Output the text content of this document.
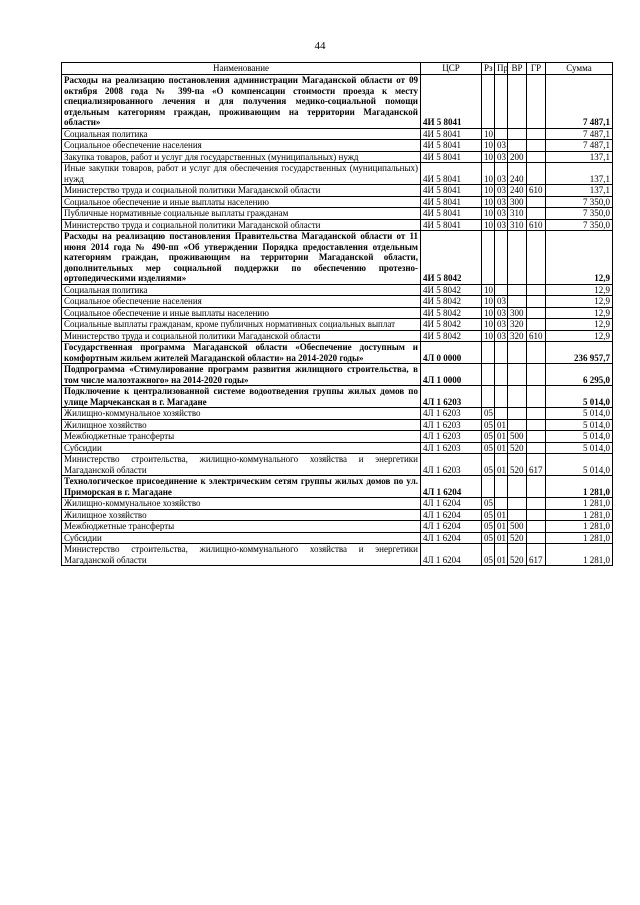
44
Наименование	ЦСР	Рз	Пр	ВР	ГР	Сумма
Расходы на реализацию постановления администрации Магаданской области от 09 октября 2008 года № 399-па «О компенсации стоимости проезда к месту специализированного лечения и для получения медико-социальной помощи отдельным категориям граждан, проживающим на территории Магаданской области»	4И 5 8041					7 487,1
Социальная политика	4И 5 8041	10				7 487,1
Социальное обеспечение населения	4И 5 8041	10	03			7 487,1
Закупка товаров, работ и услуг для государственных (муниципальных) нужд	4И 5 8041	10	03	200		137,1
Иные закупки товаров, работ и услуг для обеспечения государственных (муниципальных) нужд	4И 5 8041	10	03	240		137,1
Министерство труда и социальной политики Магаданской области	4И 5 8041	10	03	240	610	137,1
Социальное обеспечение и иные выплаты населению	4И 5 8041	10	03	300		7 350,0
Публичные нормативные социальные выплаты гражданам	4И 5 8041	10	03	310		7 350,0
Министерство труда и социальной политики Магаданской области	4И 5 8041	10	03	310	610	7 350,0
Расходы на реализацию постановления Правительства Магаданской области от 11 июня 2014 года № 490-пп «Об утверждении Порядка предоставления отдельным категориям граждан, проживающим на территории Магаданской области, дополнительных мер социальной поддержки по обеспечению протезно-ортопедическими изделиями»	4И 5 8042					12,9
Социальная политика	4И 5 8042	10				12,9
Социальное обеспечение населения	4И 5 8042	10	03			12,9
Социальное обеспечение и иные выплаты населению	4И 5 8042	10	03	300		12,9
Социальные выплаты гражданам, кроме публичных нормативных социальных выплат	4И 5 8042	10	03	320		12,9
Министерство труда и социальной политики Магаданской области	4И 5 8042	10	03	320	610	12,9
Государственная программа Магаданской области «Обеспечение доступным и комфортным жильем жителей Магаданской области» на 2014-2020 годы»	4Л 0 0000					236 957,7
Подпрограмма «Стимулирование программ развития жилищного строительства, в том числе малоэтажного» на 2014-2020 годы»	4Л 1 0000					6 295,0
Подключение к централизованной системе водоотведения группы жилых домов по улице Марчеканская в г. Магадане	4Л 1 6203					5 014,0
Жилищно-коммунальное хозяйство	4Л 1 6203	05				5 014,0
Жилищное хозяйство	4Л 1 6203	05	01			5 014,0
Межбюджетные трансферты	4Л 1 6203	05	01	500		5 014,0
Субсидии	4Л 1 6203	05	01	520		5 014,0
Министерство строительства, жилищно-коммунального хозяйства и энергетики Магаданской области	4Л 1 6203	05	01	520	617	5 014,0
Технологическое присоединение к электрическим сетям группы жилых домов по ул. Приморская в г. Магадане	4Л 1 6204					1 281,0
Жилищно-коммунальное хозяйство	4Л 1 6204	05				1 281,0
Жилищное хозяйство	4Л 1 6204	05	01			1 281,0
Межбюджетные трансферты	4Л 1 6204	05	01	500		1 281,0
Субсидии	4Л 1 6204	05	01	520		1 281,0
Министерство строительства, жилищно-коммунального хозяйства и энергетики Магаданской области	4Л 1 6204	05	01	520	617	1 281,0
